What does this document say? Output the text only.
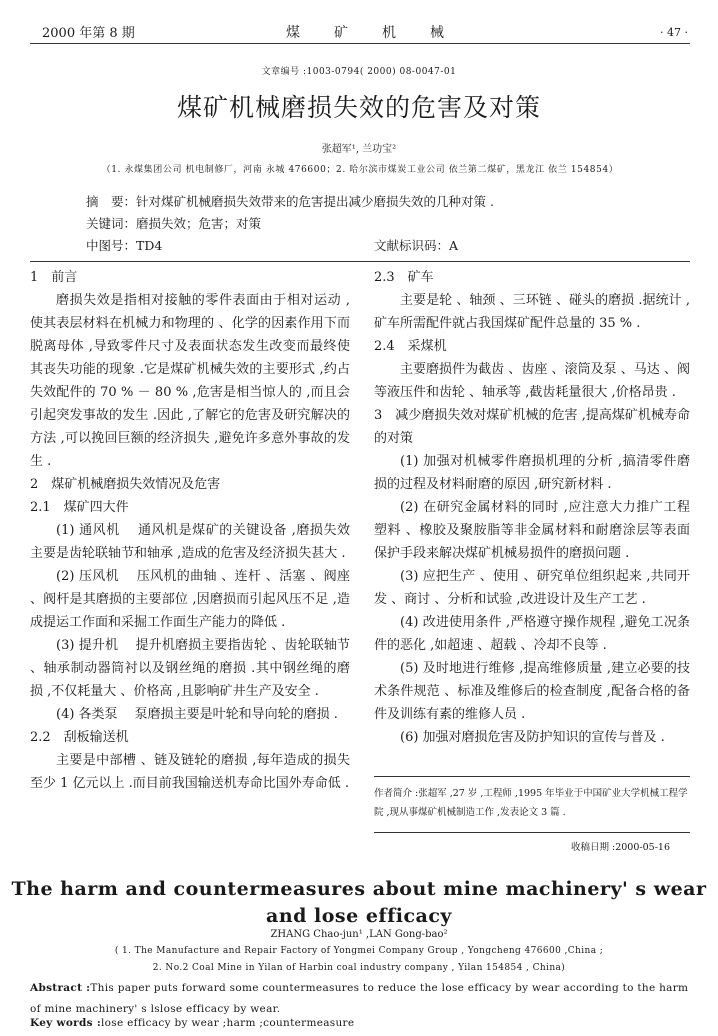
2000 年第 8 期	煤矿机械	· 47 ·
文章编号 :1003-0794( 2000) 08-0047-01
煤矿机械磨损失效的危害及对策
张超军¹, 兰功宝²
（1. 永煤集团公司 机电制修厂，河南 永城 476600；2. 哈尔滨市煤炭工业公司 依兰第二煤矿，黑龙江 依兰 154854）
摘　要：针对煤矿机械磨损失效带来的危害提出减少磨损失效的几种对策 .
关键词：磨损失效；危害；对策
中图号：TD4	文献标识码：A

1　前言

磨损失效是指相对接触的零件表面由于相对运动 ,使其表层材料在机械力和物理的 、化学的因素作用下而脱离母体 ,导致零件尺寸及表面状态发生改变而最终使其丧失功能的现象 .它是煤矿机械失效的主要形式 ,约占失效配件的 70 % － 80 % ,危害是相当惊人的 ,而且会引起突发事故的发生 .因此 ,了解它的危害及研究解决的方法 ,可以挽回巨额的经济损失 ,避免许多意外事故的发生 .

2　煤矿机械磨损失效情况及危害

2.1　煤矿四大件

(1) 通风机　 通风机是煤矿的关键设备 ,磨损失效主要是齿轮联轴节和轴承 ,造成的危害及经济损失甚大 .

(2) 压风机　 压风机的曲轴 、连杆 、活塞 、阀座 、阀杆是其磨损的主要部位 ,因磨损而引起风压不足 ,造成提运工作面和采掘工作面生产能力的降低 .

(3) 提升机　 提升机磨损主要指齿轮 、齿轮联轴节 、轴承制动器筒衬以及钢丝绳的磨损 .其中钢丝绳的磨损 ,不仅耗量大 、价格高 ,且影响矿井生产及安全 .

(4) 各类泵　 泵磨损主要是叶轮和导向轮的磨损 .

2.2　刮板输送机

主要是中部槽 、链及链轮的磨损 ,每年造成的损失至少 1 亿元以上 .而目前我国输送机寿命比国外寿命低 .

2.3　矿车

主要是轮 、轴颈 、三环链 、碰头的磨损 .据统计 ,矿车所需配件就占我国煤矿配件总量的 35 % .

2.4　采煤机

主要磨损件为截齿 、齿座 、滚筒及泵 、马达 、阀等液压件和齿轮 、轴承等 ,截齿耗量很大 ,价格昂贵 .

3　减少磨损失效对煤矿机械的危害 ,提高煤矿机械寿命的对策

(1) 加强对机械零件磨损机理的分析 ,搞清零件磨损的过程及材料耐磨的原因 ,研究新材料 .

(2) 在研究金属材料的同时 ,应注意大力推广工程塑料 、橡胶及聚胺脂等非金属材料和耐磨涂层等表面保护手段来解决煤矿机械易损件的磨损问题 .

(3) 应把生产 、使用 、研究单位组织起来 ,共同开发 、商讨 、分析和试验 ,改进设计及生产工艺 .

(4) 改进使用条件 ,严格遵守操作规程 ,避免工况条件的恶化 ,如超速 、超载 、冷却不良等 .

(5) 及时地进行维修 ,提高维修质量 ,建立必要的技术条件规范 、标准及维修后的检查制度 ,配备合格的备件及训练有素的维修人员 .

(6) 加强对磨损危害及防护知识的宣传与普及 .

作者简介 :张超军 ,27 岁 ,工程师 ,1995 年毕业于中国矿业大学机械工程学院 ,现从事煤矿机械制造工作 ,发表论文 3 篇 .
收稿日期 :2000-05-16
The harm and countermeasures about mine machinery' s wear and lose efficacy
ZHANG Chao-jun¹ ,LAN Gong-bao²
( 1. The Manufacture and Repair Factory of Yongmei Company Group , Yongcheng 476600 ,China ;
2. No.2 Coal Mine in Yilan of Harbin coal industry company , Yilan 154854 , China)
Abstract :This paper puts forward some countermeasures to reduce the lose efficacy by wear according to the harm of mine machinery' s lslose efficacy by wear.
Key words :lose efficacy by wear ;harm ;countermeasure
